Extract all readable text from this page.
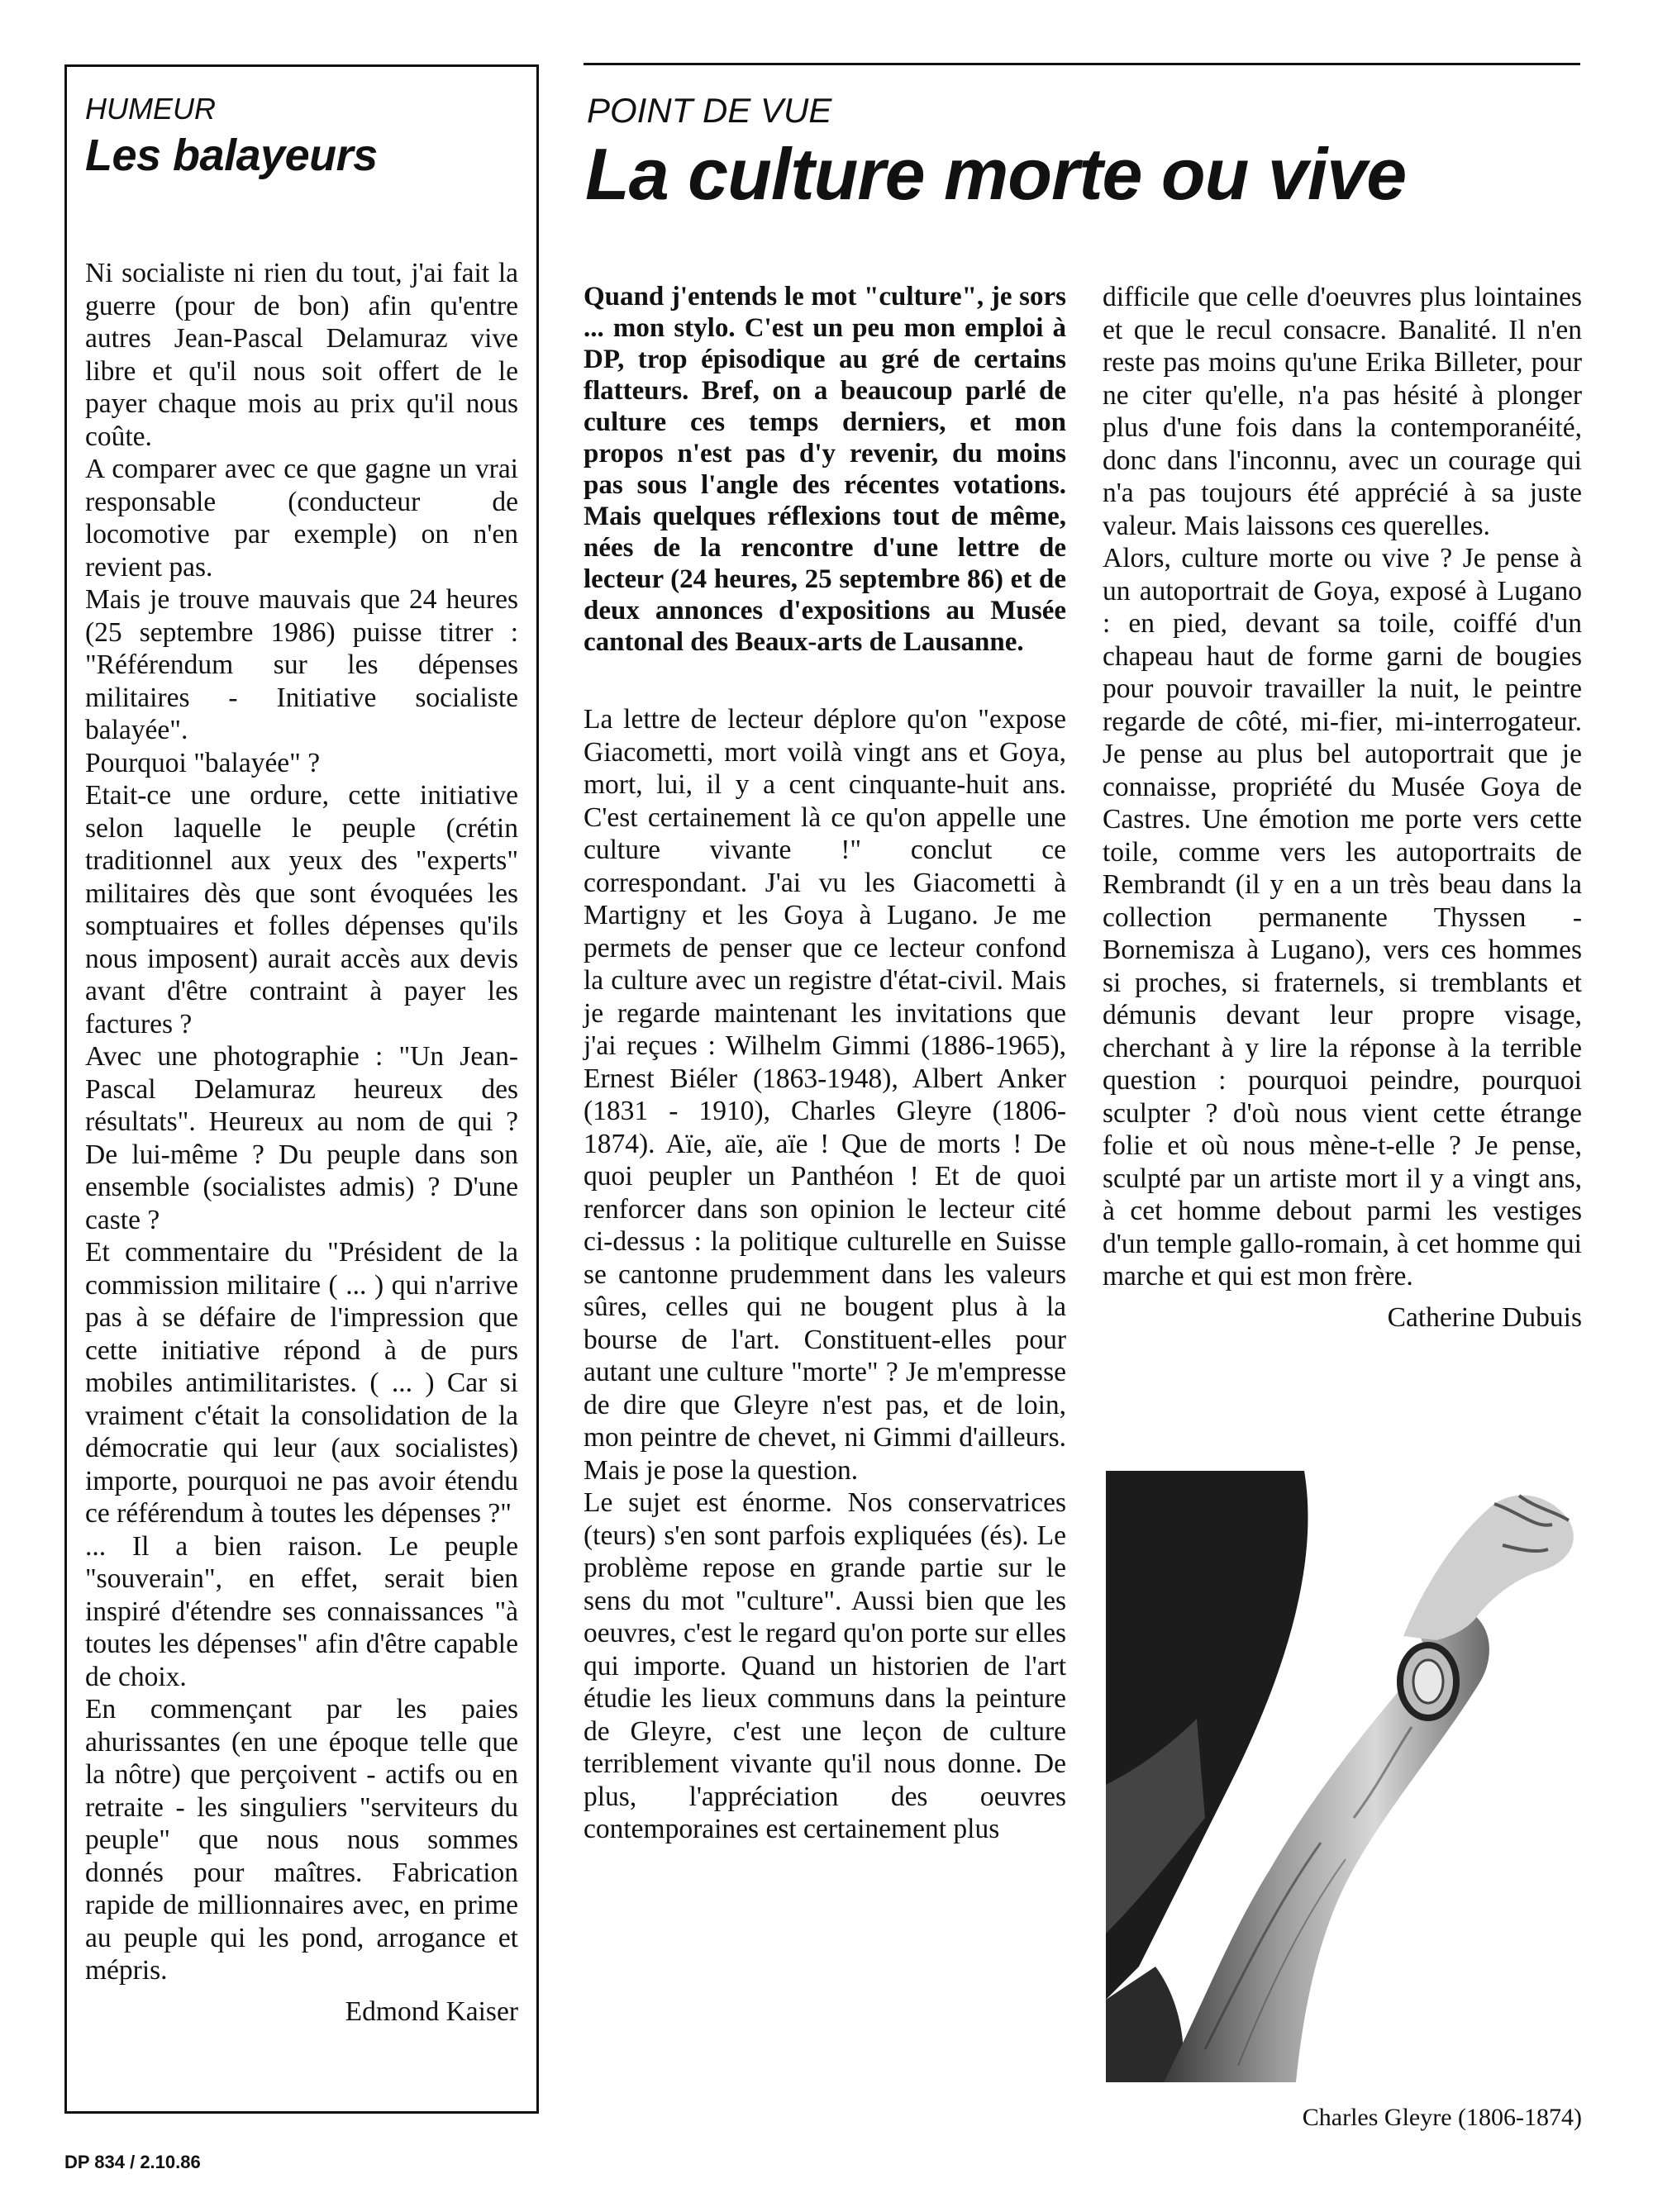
HUMEUR

Les balayeurs

Ni socialiste ni rien du tout, j'ai fait la guerre (pour de bon) afin qu'entre autres Jean-Pascal Delamuraz vive libre et qu'il nous soit offert de le payer chaque mois au prix qu'il nous coûte.

A comparer avec ce que gagne un vrai responsable (conducteur de locomotive par exemple) on n'en revient pas.

Mais je trouve mauvais que 24 heures (25 septembre 1986) puisse titrer : "Référendum sur les dépenses militaires - Initiative socialiste balayée".

Pourquoi "balayée" ?

Etait-ce une ordure, cette initiative selon laquelle le peuple (crétin traditionnel aux yeux des "experts" militaires dès que sont évoquées les somptuaires et folles dépenses qu'ils nous imposent) aurait accès aux devis avant d'être contraint à payer les factures ?

Avec une photographie : "Un Jean-Pascal Delamuraz heureux des résultats". Heureux au nom de qui ? De lui-même ? Du peuple dans son ensemble (socialistes admis) ? D'une caste ?

Et commentaire du "Président de la commission militaire ( ... ) qui n'arrive pas à se défaire de l'impression que cette initiative répond à de purs mobiles antimilitaristes. ( ... ) Car si vraiment c'était la consolidation de la démocratie qui leur (aux socialistes) importe, pourquoi ne pas avoir étendu ce référendum à toutes les dépenses ?"

... Il a bien raison. Le peuple "souverain", en effet, serait bien inspiré d'étendre ses connaissances "à toutes les dépenses" afin d'être capable de choix.

En commençant par les paies ahurissantes (en une époque telle que la nôtre) que perçoivent - actifs ou en retraite - les singuliers "serviteurs du peuple" que nous nous sommes donnés pour maîtres. Fabrication rapide de millionnaires avec, en prime au peuple qui les pond, arrogance et mépris.

Edmond Kaiser

POINT DE VUE

La culture morte ou vive

Quand j'entends le mot "culture", je sors ... mon stylo. C'est un peu mon emploi à DP, trop épisodique au gré de certains flatteurs. Bref, on a beaucoup parlé de culture ces temps derniers, et mon propos n'est pas d'y revenir, du moins pas sous l'angle des récentes votations. Mais quelques réflexions tout de même, nées de la rencontre d'une lettre de lecteur (24 heures, 25 septembre 86) et de deux annonces d'expositions au Musée cantonal des Beaux-arts de Lausanne.

La lettre de lecteur déplore qu'on "expose Giacometti, mort voilà vingt ans et Goya, mort, lui, il y a cent cinquante-huit ans. C'est certainement là ce qu'on appelle une culture vivante !" conclut ce correspondant. J'ai vu les Giacometti à Martigny et les Goya à Lugano. Je me permets de penser que ce lecteur confond la culture avec un registre d'état-civil. Mais je regarde maintenant les invitations que j'ai reçues : Wilhelm Gimmi (1886-1965), Ernest Biéler (1863-1948), Albert Anker (1831 - 1910), Charles Gleyre (1806-1874). Aïe, aïe, aïe ! Que de morts ! De quoi peupler un Panthéon ! Et de quoi renforcer dans son opinion le lecteur cité ci-dessus : la politique culturelle en Suisse se cantonne prudemment dans les valeurs sûres, celles qui ne bougent plus à la bourse de l'art. Constituent-elles pour autant une culture "morte" ? Je m'empresse de dire que Gleyre n'est pas, et de loin, mon peintre de chevet, ni Gimmi d'ailleurs. Mais je pose la question.

Le sujet est énorme. Nos conservatrices (teurs) s'en sont parfois expliquées (és). Le problème repose en grande partie sur le sens du mot "culture". Aussi bien que les oeuvres, c'est le regard qu'on porte sur elles qui importe. Quand un historien de l'art étudie les lieux communs dans la peinture de Gleyre, c'est une leçon de culture terriblement vivante qu'il nous donne. De plus, l'appréciation des oeuvres contemporaines est certainement plus

difficile que celle d'oeuvres plus lointaines et que le recul consacre. Banalité. Il n'en reste pas moins qu'une Erika Billeter, pour ne citer qu'elle, n'a pas hésité à plonger plus d'une fois dans la contemporanéité, donc dans l'inconnu, avec un courage qui n'a pas toujours été apprécié à sa juste valeur. Mais laissons ces querelles.

Alors, culture morte ou vive ? Je pense à un autoportrait de Goya, exposé à Lugano : en pied, devant sa toile, coiffé d'un chapeau haut de forme garni de bougies pour pouvoir travailler la nuit, le peintre regarde de côté, mi-fier, mi-interrogateur. Je pense au plus bel autoportrait que je connaisse, propriété du Musée Goya de Castres. Une émotion me porte vers cette toile, comme vers les autoportraits de Rembrandt (il y en a un très beau dans la collection permanente Thyssen - Bornemisza à Lugano), vers ces hommes si proches, si fraternels, si tremblants et démunis devant leur propre visage, cherchant à y lire la réponse à la terrible question : pourquoi peindre, pourquoi sculpter ? d'où nous vient cette étrange folie et où nous mène-t-elle ? Je pense, sculpté par un artiste mort il y a vingt ans, à cet homme debout parmi les vestiges d'un temple gallo-romain, à cet homme qui marche et qui est mon frère.

Catherine Dubuis

Charles Gleyre (1806-1874)

DP 834 / 2.10.86
